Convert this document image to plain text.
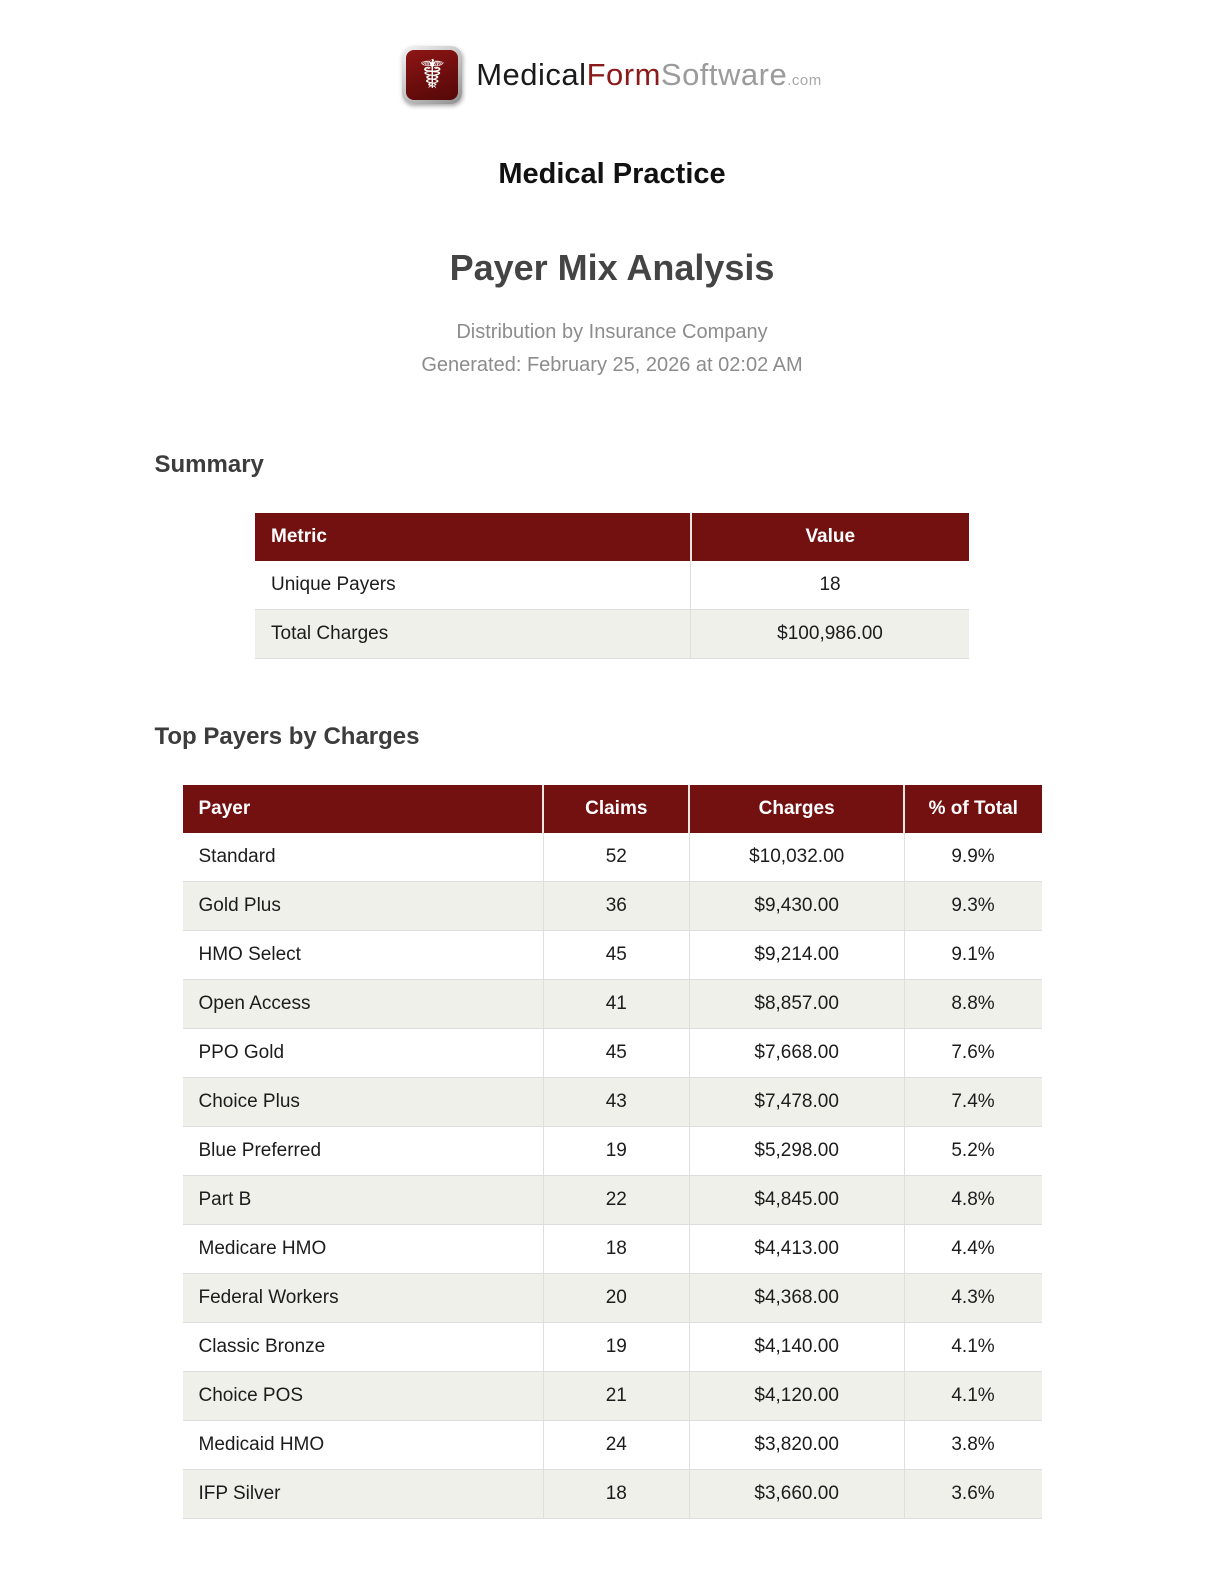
☤ MedicalFormSoftware.com
Medical Practice
Payer Mix Analysis
Distribution by Insurance Company
Generated: February 25, 2026 at 02:02 AM
Summary
Metric	Value
Unique Payers	18
Total Charges	$100,986.00
Top Payers by Charges
Payer	Claims	Charges	% of Total
Standard	52	$10,032.00	9.9%
Gold Plus	36	$9,430.00	9.3%
HMO Select	45	$9,214.00	9.1%
Open Access	41	$8,857.00	8.8%
PPO Gold	45	$7,668.00	7.6%
Choice Plus	43	$7,478.00	7.4%
Blue Preferred	19	$5,298.00	5.2%
Part B	22	$4,845.00	4.8%
Medicare HMO	18	$4,413.00	4.4%
Federal Workers	20	$4,368.00	4.3%
Classic Bronze	19	$4,140.00	4.1%
Choice POS	21	$4,120.00	4.1%
Medicaid HMO	24	$3,820.00	3.8%
IFP Silver	18	$3,660.00	3.6%
